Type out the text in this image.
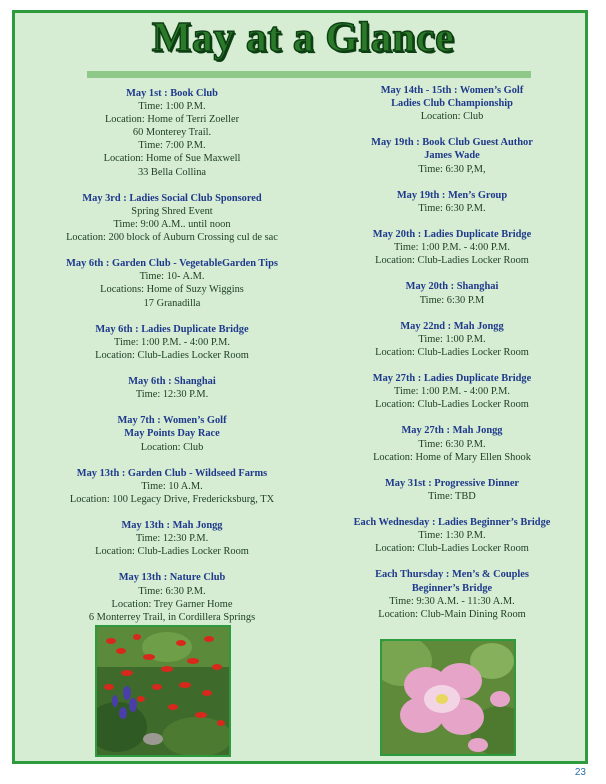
May at a Glance
May 1st : Book Club
Time: 1:00 P.M.
Location: Home of Terri Zoeller
60 Monterey Trail.
Time: 7:00 P.M.
Location: Home of Sue Maxwell
33 Bella Collina
May 3rd : Ladies Social Club Sponsored
Spring Shred Event
Time: 9:00 A.M.. until noon
Location: 200 block of Auburn Crossing cul de sac
May 6th : Garden Club - VegetableGarden Tips
Time: 10- A.M.
Locations: Home of Suzy Wiggins
17 Granadilla
May 6th : Ladies Duplicate Bridge
Time: 1:00 P.M. - 4:00 P.M.
Location: Club-Ladies Locker Room
May 6th : Shanghai
Time: 12:30 P.M.
May 7th : Women’s Golf
May Points Day Race
Location: Club
May 13th : Garden Club - Wildseed Farms
Time: 10 A.M.
Location: 100 Legacy Drive, Fredericksburg, TX
May 13th : Mah Jongg
Time: 12:30 P.M.
Location: Club-Ladies Locker Room
May 13th : Nature Club
Time: 6:30 P.M.
Location: Trey Garner Home
6 Monterrey Trail, in Cordillera Springs
May 14th - 15th : Women’s Golf
Ladies Club Championship
Location: Club
May 19th : Book Club Guest Author
James Wade
Time: 6:30 P,M,
May 19th : Men’s Group
Time: 6:30 P.M.
May 20th : Ladies Duplicate Bridge
Time: 1:00 P.M. - 4:00 P.M.
Location: Club-Ladies Locker Room
May 20th : Shanghai
Time: 6:30 P.M
May 22nd : Mah Jongg
Time: 1:00 P.M.
Location: Club-Ladies Locker Room
May 27th : Ladies Duplicate Bridge
Time: 1:00 P.M. - 4:00 P.M.
Location: Club-Ladies Locker Room
May 27th : Mah Jongg
Time: 6:30 P.M.
Location: Home of Mary Ellen Shook
May 31st : Progressive Dinner
Time: TBD
Each Wednesday : Ladies Beginner’s Bridge
Time: 1:30 P.M.
Location: Club-Ladies Locker Room
Each Thursday : Men’s & Couples
Beginner’s Bridge
Time: 9:30 A.M. - 11:30 A.M.
Location: Club-Main Dining Room
23
